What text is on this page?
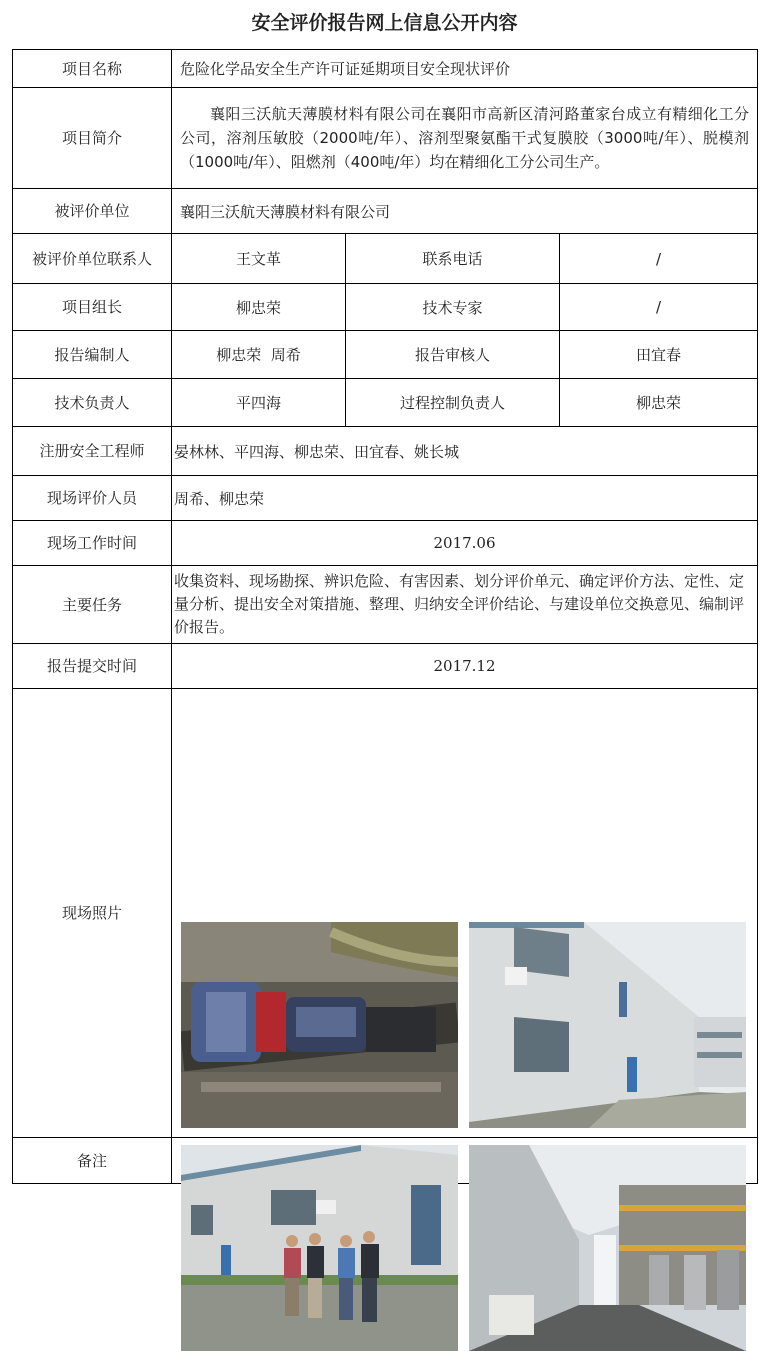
安全评价报告网上信息公开内容
项目名称	危险化学品安全生产许可证延期项目安全现状评价		
项目简介	襄阳三沃航天薄膜材料有限公司在襄阳市高新区清河路董家台成立有精细化工分公司，溶剂压敏胶（2000吨/年）、溶剂型聚氨酯干式复膜胶（3000吨/年）、脱模剂（1000吨/年）、阻燃剂（400吨/年）均在精细化工分公司生产。		

被评价单位	襄阳三沃航天薄膜材料有限公司		
被评价单位联系人	王文革	联系电话	/
项目组长	柳忠荣	技术专家	/
报告编制人	柳忠荣  周希	报告审核人	田宜春
技术负责人	平四海	过程控制负责人	柳忠荣
注册安全工程师	晏林林、平四海、柳忠荣、田宜春、姚长城		
现场评价人员	周希、柳忠荣		
现场工作时间	2017.06		
主要任务	收集资料、现场勘探、辨识危险、有害因素、划分评价单元、确定评价方法、定性、定量分析、提出安全对策措施、整理、归纳安全评价结论、与建设单位交换意见、编制评价报告。		
报告提交时间	2017.12		
现场照片	

备注			
